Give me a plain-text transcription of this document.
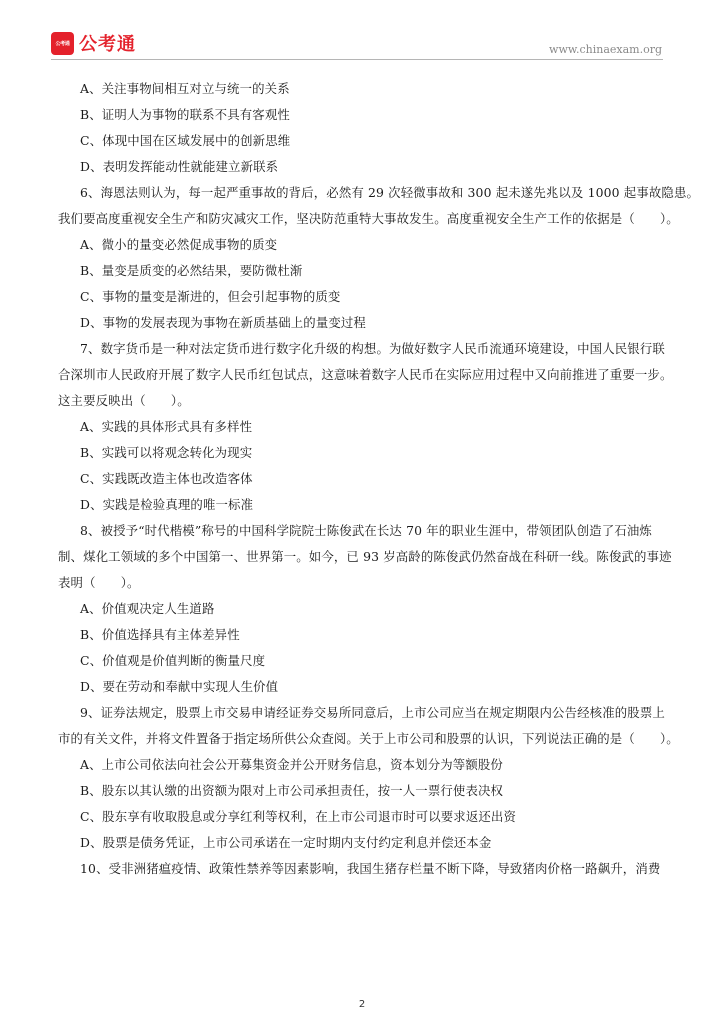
公考通 公考通	www.chinaexam.org
A、关注事物间相互对立与统一的关系
B、证明人为事物的联系不具有客观性
C、体现中国在区域发展中的创新思维
D、表明发挥能动性就能建立新联系
6、海恩法则认为，每一起严重事故的背后，必然有 29 次轻微事故和 300 起未遂先兆以及 1000 起事故隐患。
我们要高度重视安全生产和防灾减灾工作，坚决防范重特大事故发生。高度重视安全生产工作的依据是（　　）。
A、微小的量变必然促成事物的质变
B、量变是质变的必然结果，要防微杜渐
C、事物的量变是渐进的，但会引起事物的质变
D、事物的发展表现为事物在新质基础上的量变过程
7、数字货币是一种对法定货币进行数字化升级的构想。为做好数字人民币流通环境建设，中国人民银行联
合深圳市人民政府开展了数字人民币红包试点，这意味着数字人民币在实际应用过程中又向前推进了重要一步。
这主要反映出（　　）。
A、实践的具体形式具有多样性
B、实践可以将观念转化为现实
C、实践既改造主体也改造客体
D、实践是检验真理的唯一标准
8、被授予“时代楷模”称号的中国科学院院士陈俊武在长达 70 年的职业生涯中，带领团队创造了石油炼
制、煤化工领域的多个中国第一、世界第一。如今，已 93 岁高龄的陈俊武仍然奋战在科研一线。陈俊武的事迹
表明（　　）。
A、价值观决定人生道路
B、价值选择具有主体差异性
C、价值观是价值判断的衡量尺度
D、要在劳动和奉献中实现人生价值
9、证券法规定，股票上市交易申请经证券交易所同意后，上市公司应当在规定期限内公告经核准的股票上
市的有关文件，并将文件置备于指定场所供公众查阅。关于上市公司和股票的认识，下列说法正确的是（　　）。
A、上市公司依法向社会公开募集资金并公开财务信息，资本划分为等额股份
B、股东以其认缴的出资额为限对上市公司承担责任，按一人一票行使表决权
C、股东享有收取股息或分享红利等权利，在上市公司退市时可以要求返还出资
D、股票是债务凭证，上市公司承诺在一定时期内支付约定利息并偿还本金
10、受非洲猪瘟疫情、政策性禁养等因素影响，我国生猪存栏量不断下降，导致猪肉价格一路飙升，消费
2
